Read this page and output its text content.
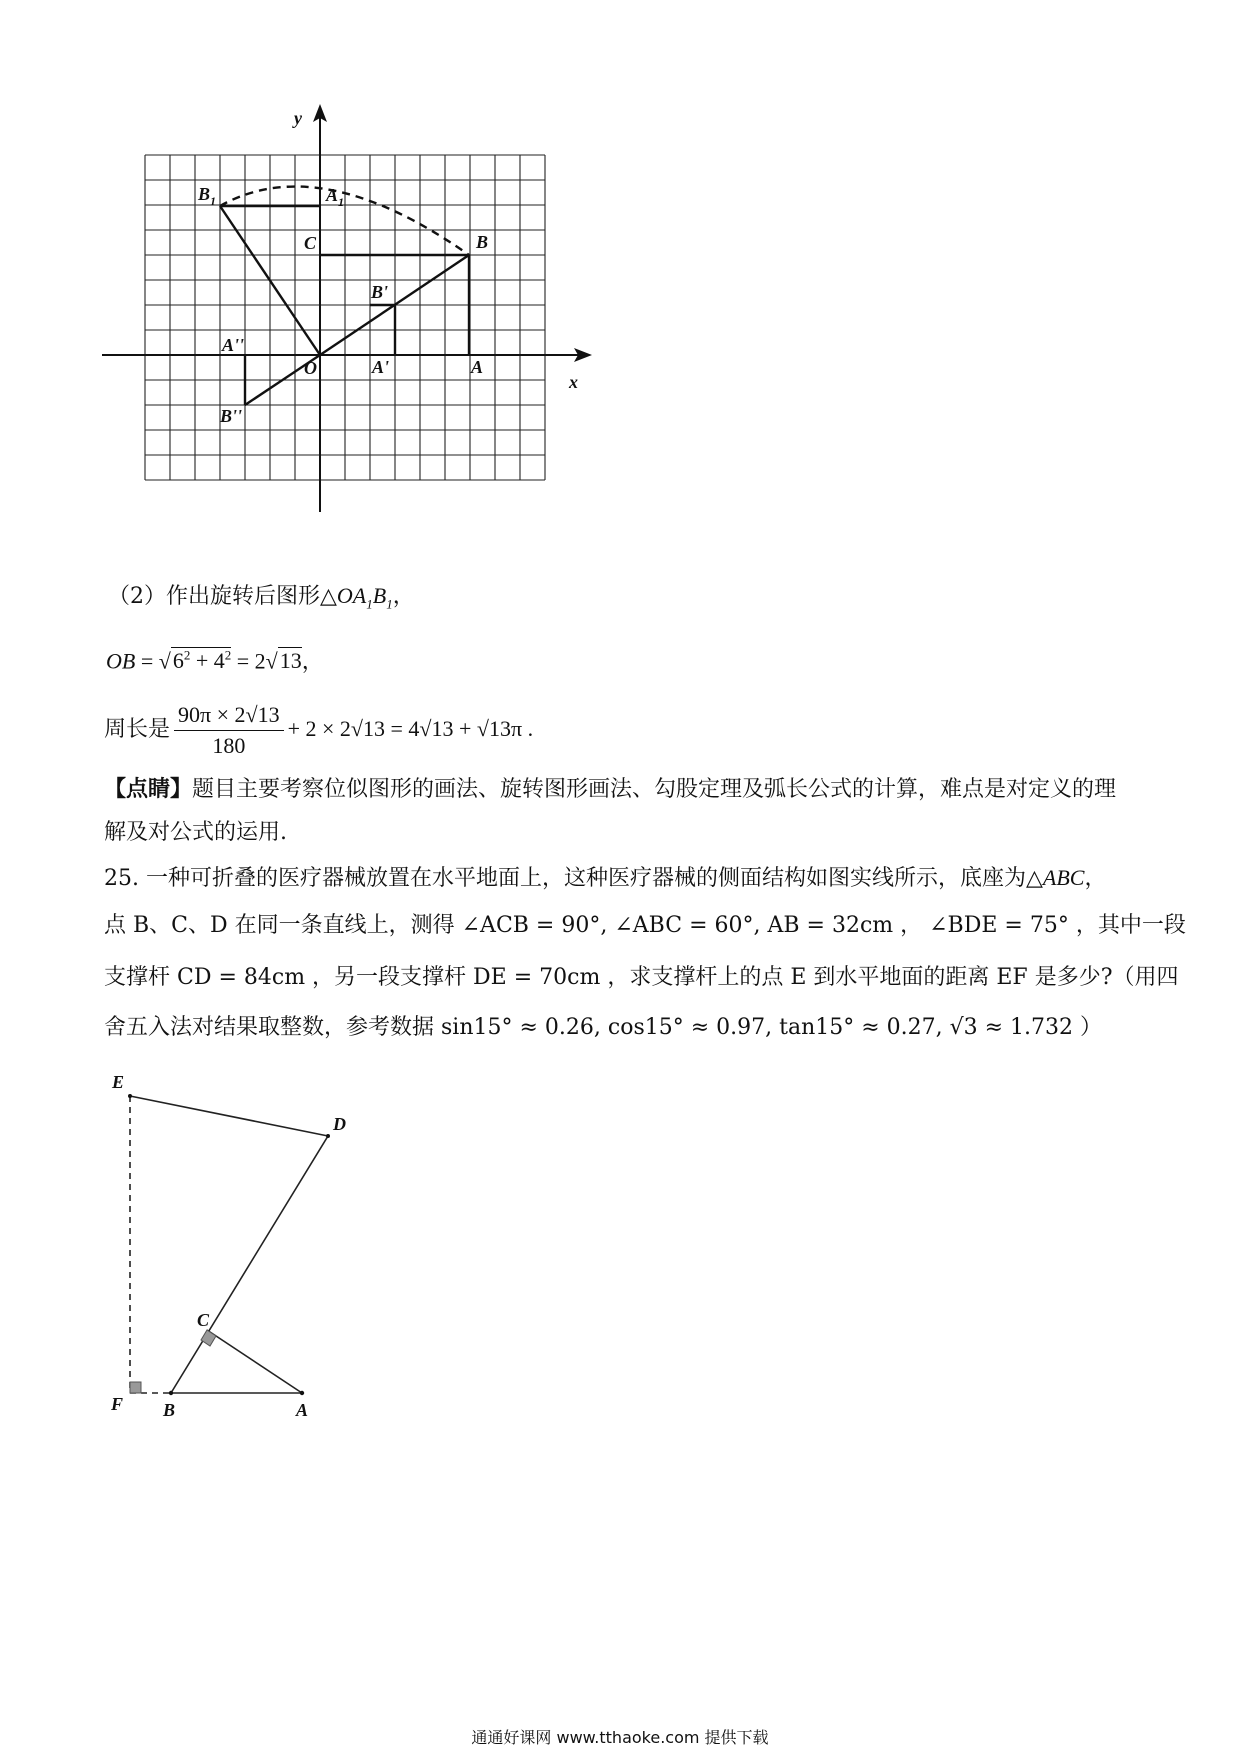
y
x
$B_1$	$A_1$
C	B
B'
A''
O	A'	A
B''
（2）作出旋转后图形$\triangle OA_1B_1$，
OB = $√6^2 + 4^2 = 2√13$，
周长是 $\frac{90\pi \times 2√13}{180} + 2 \times 2√13 = 4√13 + √13\pi$ .
【点睛】题目主要考察位似图形的画法、旋转图形画法、勾股定理及弧长公式的计算，难点是对定义的理
解及对公式的运用.
25. 一种可折叠的医疗器械放置在水平地面上，这种医疗器械的侧面结构如图实线所示，底座为△ABC，
点 B、C、D 在同一条直线上，测得 ∠ACB = 90°, ∠ABC = 60°, AB = 32cm ， ∠BDE = 75° ，其中一段
支撑杆 CD = 84cm ，另一段支撑杆 DE = 70cm ，求支撑杆上的点 E 到水平地面的距离 EF 是多少?（用四
舍五入法对结果取整数，参考数据 sin15° ≈ 0.26, cos15° ≈ 0.97, tan15° ≈ 0.27, √3 ≈ 1.732 ）
E
D
C
F B	A
通通好课网 www.tthaoke.com 提供下载
